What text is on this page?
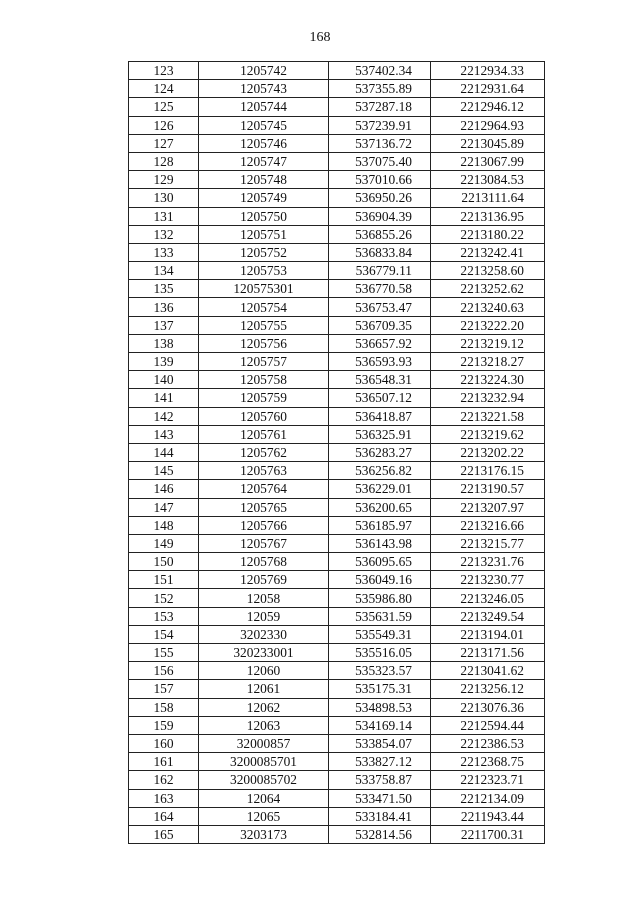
168
123	1205742	537402.34	2212934.33
124	1205743	537355.89	2212931.64
125	1205744	537287.18	2212946.12
126	1205745	537239.91	2212964.93
127	1205746	537136.72	2213045.89
128	1205747	537075.40	2213067.99
129	1205748	537010.66	2213084.53
130	1205749	536950.26	2213111.64
131	1205750	536904.39	2213136.95
132	1205751	536855.26	2213180.22
133	1205752	536833.84	2213242.41
134	1205753	536779.11	2213258.60
135	120575301	536770.58	2213252.62
136	1205754	536753.47	2213240.63
137	1205755	536709.35	2213222.20
138	1205756	536657.92	2213219.12
139	1205757	536593.93	2213218.27
140	1205758	536548.31	2213224.30
141	1205759	536507.12	2213232.94
142	1205760	536418.87	2213221.58
143	1205761	536325.91	2213219.62
144	1205762	536283.27	2213202.22
145	1205763	536256.82	2213176.15
146	1205764	536229.01	2213190.57
147	1205765	536200.65	2213207.97
148	1205766	536185.97	2213216.66
149	1205767	536143.98	2213215.77
150	1205768	536095.65	2213231.76
151	1205769	536049.16	2213230.77
152	12058	535986.80	2213246.05
153	12059	535631.59	2213249.54
154	3202330	535549.31	2213194.01
155	320233001	535516.05	2213171.56
156	12060	535323.57	2213041.62
157	12061	535175.31	2213256.12
158	12062	534898.53	2213076.36
159	12063	534169.14	2212594.44
160	32000857	533854.07	2212386.53
161	3200085701	533827.12	2212368.75
162	3200085702	533758.87	2212323.71
163	12064	533471.50	2212134.09
164	12065	533184.41	2211943.44
165	3203173	532814.56	2211700.31
